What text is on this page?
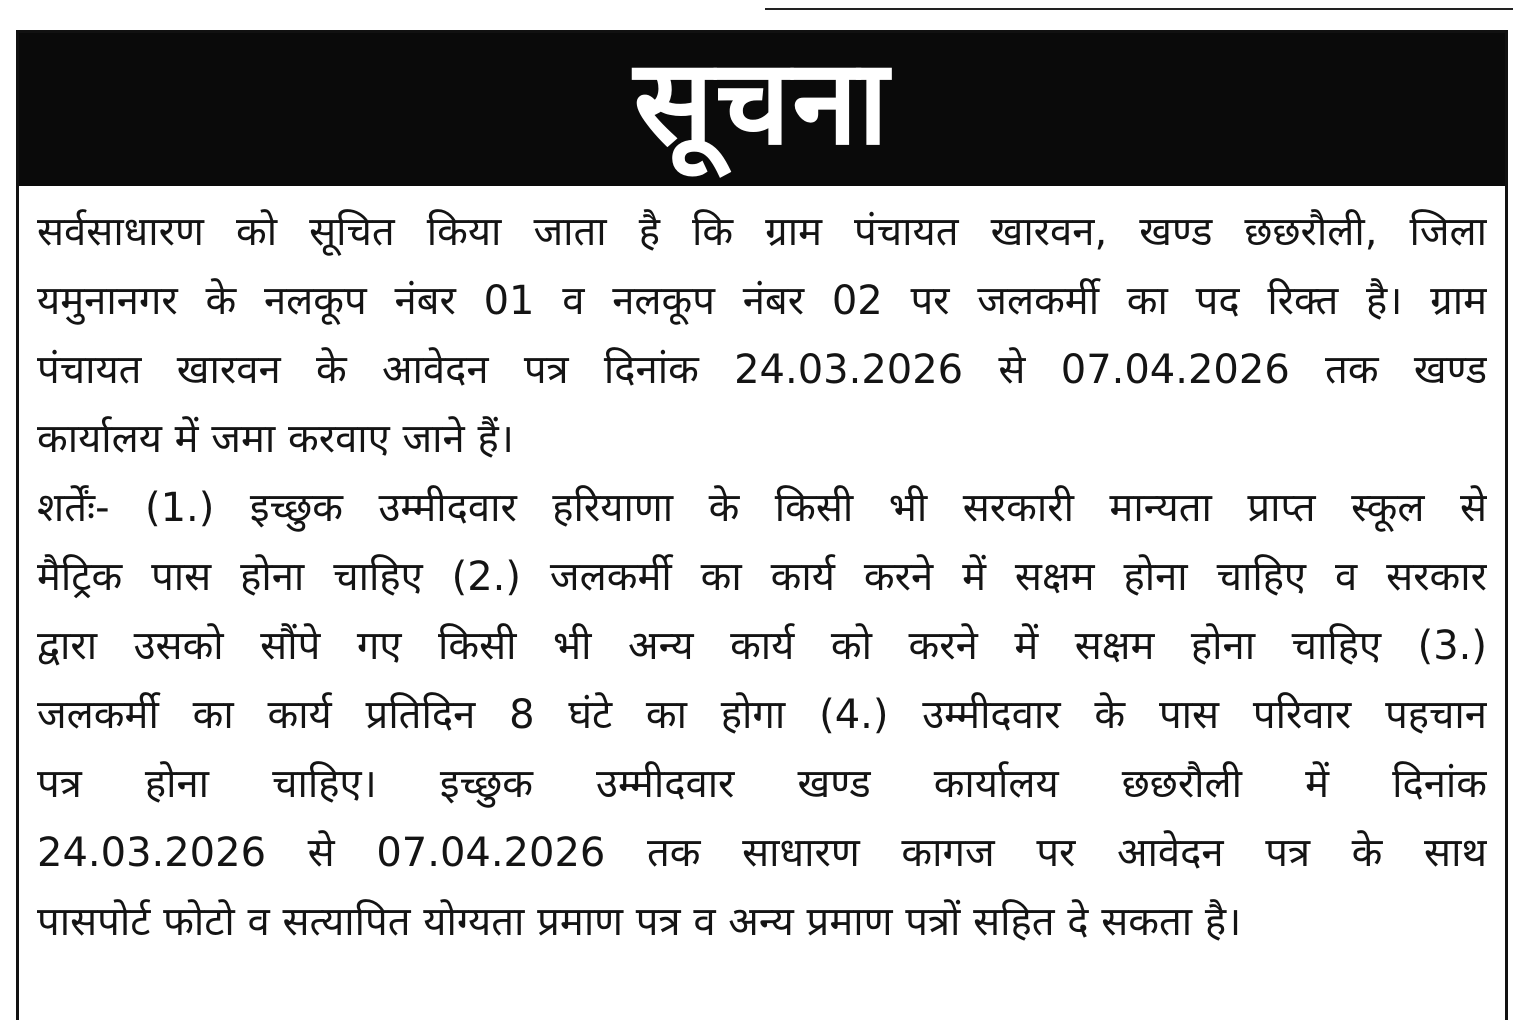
सूचना

सर्वसाधारण को सूचित किया जाता है कि ग्राम पंचायत खारवन, खण्ड छछरौली, जिला
यमुनानगर के नलकूप नंबर 01 व नलकूप नंबर 02 पर जलकर्मी का पद रिक्त है। ग्राम
पंचायत खारवन के आवेदन पत्र दिनांक 24.03.2026 से 07.04.2026 तक खण्ड
कार्यालय में जमा करवाए जाने हैं।

शर्तेंः- (1.) इच्छुक उम्मीदवार हरियाणा के किसी भी सरकारी मान्यता प्राप्त स्कूल से
मैट्रिक पास होना चाहिए (2.) जलकर्मी का कार्य करने में सक्षम होना चाहिए व सरकार
द्वारा उसको सौंपे गए किसी भी अन्य कार्य को करने में सक्षम होना चाहिए (3.)
जलकर्मी का कार्य प्रतिदिन 8 घंटे का होगा (4.) उम्मीदवार के पास परिवार पहचान
पत्र होना चाहिए। इच्छुक उम्मीदवार खण्ड कार्यालय छछरौली में दिनांक
24.03.2026 से 07.04.2026 तक साधारण कागज पर आवेदन पत्र के साथ
पासपोर्ट फोटो व सत्यापित योग्यता प्रमाण पत्र व अन्य प्रमाण पत्रों सहित दे सकता है।
